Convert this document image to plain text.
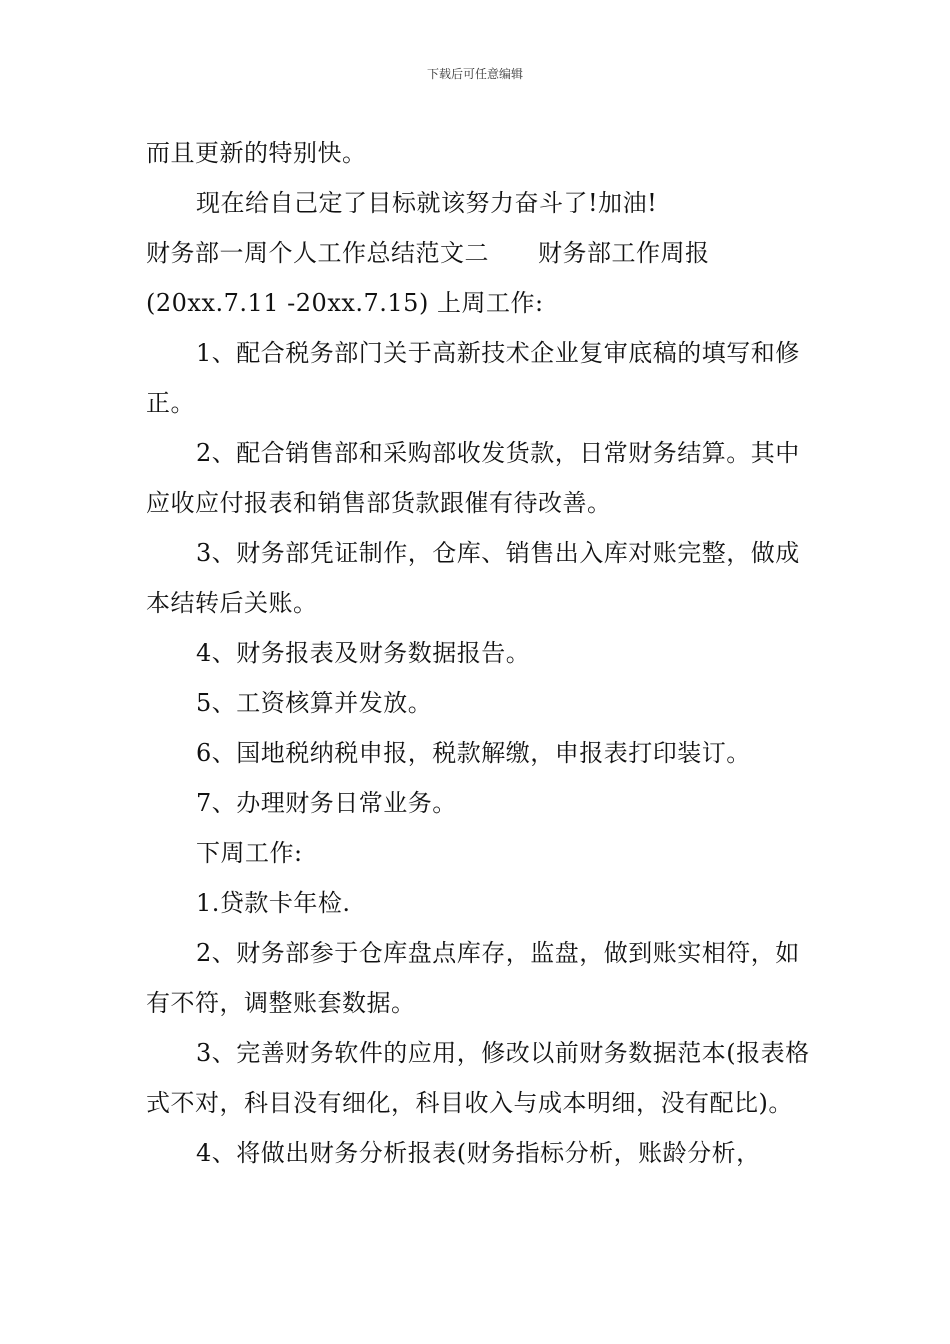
下载后可任意编辑

而且更新的特别快。

现在给自己定了目标就该努力奋斗了!加油!

财务部一周个人工作总结范文二　　财务部工作周报(20xx.7.11 -20xx.7.15) 上周工作:

1、配合税务部门关于高新技术企业复审底稿的填写和修正。

2、配合销售部和采购部收发货款，日常财务结算。其中应收应付报表和销售部货款跟催有待改善。

3、财务部凭证制作，仓库、销售出入库对账完整，做成本结转后关账。

4、财务报表及财务数据报告。

5、工资核算并发放。

6、国地税纳税申报，税款解缴，申报表打印装订。

7、办理财务日常业务。

下周工作:

1.贷款卡年检.

2、财务部参于仓库盘点库存，监盘，做到账实相符，如有不符，调整账套数据。

3、完善财务软件的应用，修改以前财务数据范本(报表格式不对，科目没有细化，科目收入与成本明细，没有配比)。

4、将做出财务分析报表(财务指标分析，账龄分析，
